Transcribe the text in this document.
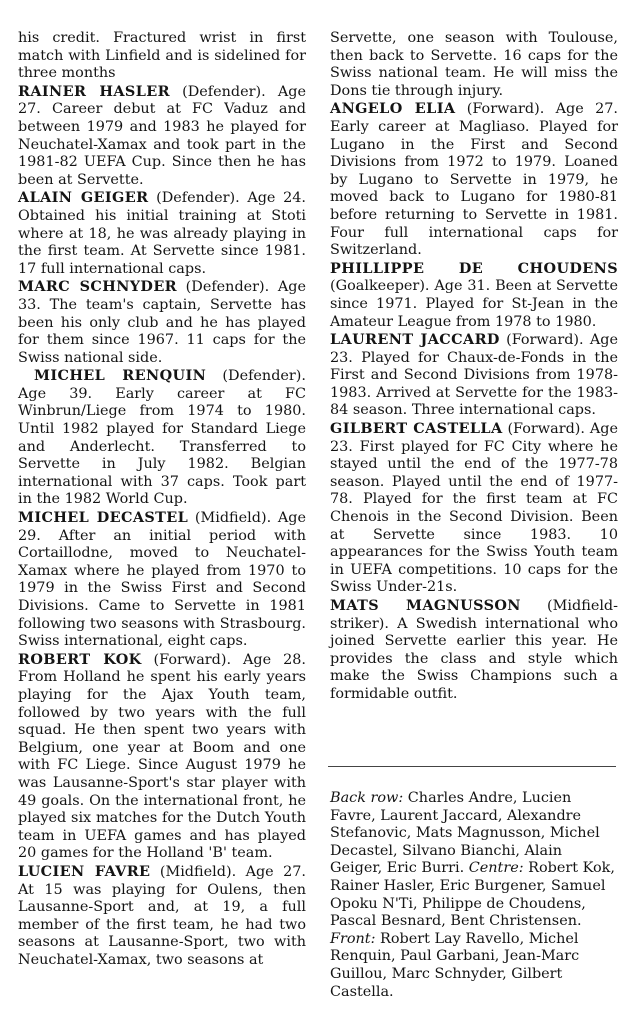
his credit. Fractured wrist in first match with Linfield and is sidelined for three months

RAINER HASLER (Defender). Age 27. Career debut at FC Vaduz and between 1979 and 1983 he played for Neuchatel-Xamax and took part in the 1981-82 UEFA Cup. Since then he has been at Servette.

ALAIN GEIGER (Defender). Age 24. Obtained his initial training at Stoti where at 18, he was already playing in the first team. At Servette since 1981. 17 full international caps.

MARC SCHNYDER (Defender). Age 33. The team's captain, Servette has been his only club and he has played for them since 1967. 11 caps for the Swiss national side.

MICHEL RENQUIN (Defender). Age 39. Early career at FC Winbrun/Liege from 1974 to 1980. Until 1982 played for Standard Liege and Anderlecht. Transferred to Servette in July 1982. Belgian international with 37 caps. Took part in the 1982 World Cup.

MICHEL DECASTEL (Midfield). Age 29. After an initial period with Cortaillodne, moved to Neuchatel-Xamax where he played from 1970 to 1979 in the Swiss First and Second Divisions. Came to Servette in 1981 following two seasons with Strasbourg. Swiss international, eight caps.

ROBERT KOK (Forward). Age 28. From Holland he spent his early years playing for the Ajax Youth team, followed by two years with the full squad. He then spent two years with Belgium, one year at Boom and one with FC Liege. Since August 1979 he was Lausanne-Sport's star player with 49 goals. On the international front, he played six matches for the Dutch Youth team in UEFA games and has played 20 games for the Holland 'B' team.

LUCIEN FAVRE (Midfield). Age 27. At 15 was playing for Oulens, then Lausanne-Sport and, at 19, a full member of the first team, he had two seasons at Lausanne-Sport, two with Neuchatel-Xamax, two seasons at

Servette, one season with Toulouse, then back to Servette. 16 caps for the Swiss national team. He will miss the Dons tie through injury.

ANGELO ELIA (Forward). Age 27. Early career at Magliaso. Played for Lugano in the First and Second Divisions from 1972 to 1979. Loaned by Lugano to Servette in 1979, he moved back to Lugano for 1980-81 before returning to Servette in 1981. Four full international caps for Switzerland.

PHILLIPPE DE CHOUDENS (Goalkeeper). Age 31. Been at Servette since 1971. Played for St-Jean in the Amateur League from 1978 to 1980.

LAURENT JACCARD (Forward). Age 23. Played for Chaux-de-Fonds in the First and Second Divisions from 1978-1983. Arrived at Servette for the 1983-84 season. Three international caps.

GILBERT CASTELLA (Forward). Age 23. First played for FC City where he stayed until the end of the 1977-78 season. Played until the end of 1977-78. Played for the first team at FC Chenois in the Second Division. Been at Servette since 1983. 10 appearances for the Swiss Youth team in UEFA competitions. 10 caps for the Swiss Under-21s.

MATS MAGNUSSON (Midfield-striker). A Swedish international who joined Servette earlier this year. He provides the class and style which make the Swiss Champions such a formidable outfit.

Back row: Charles Andre, Lucien Favre, Laurent Jaccard, Alexandre Stefanovic, Mats Magnusson, Michel Decastel, Silvano Bianchi, Alain Geiger, Eric Burri. Centre: Robert Kok, Rainer Hasler, Eric Burgener, Samuel Opoku N'Ti, Philippe de Choudens, Pascal Besnard, Bent Christensen. Front: Robert Lay Ravello, Michel Renquin, Paul Garbani, Jean-Marc Guillou, Marc Schnyder, Gilbert Castella.
